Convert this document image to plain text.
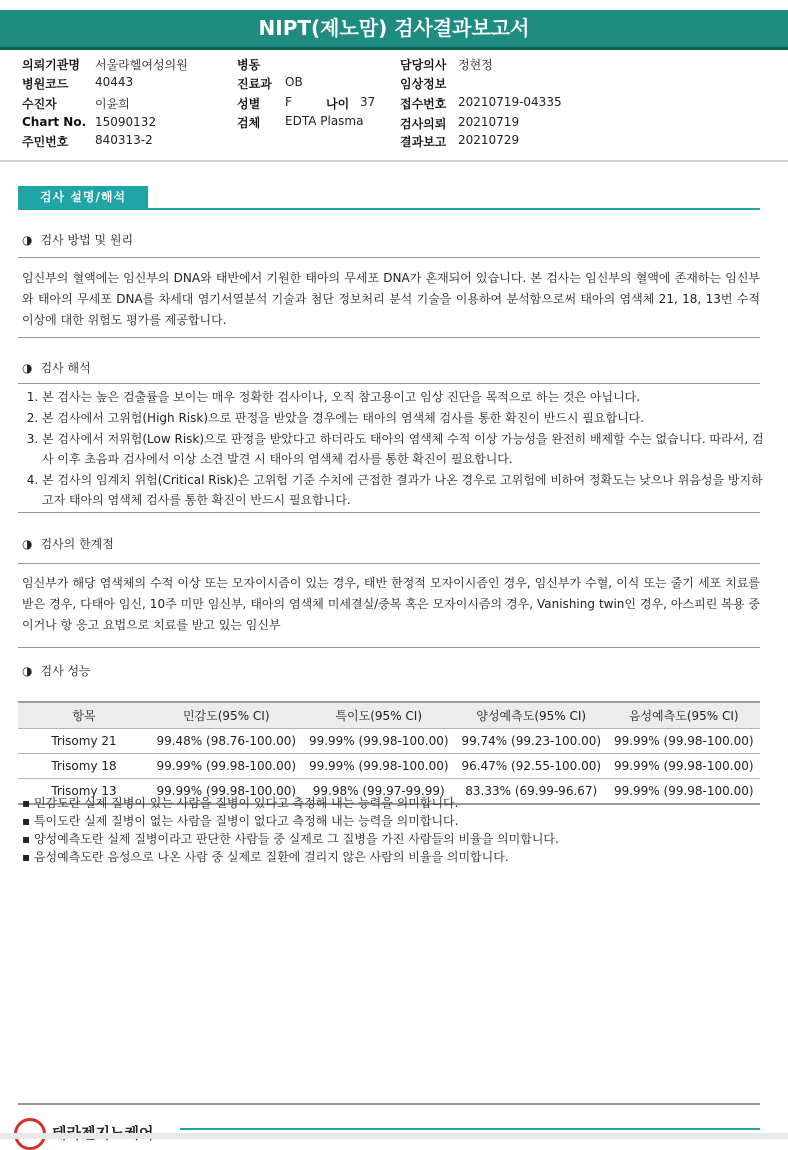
NIPT(제노맘) 검사결과보고서
의뢰기관명 서울라헬여성의원
병원코드 40443
수진자	이윤희
Chart No. 15090132
주민번호 840313-2
병동
진료과 OB
성별 F	나이 37
검체 EDTA Plasma
담당의사 정현정
임상정보
접수번호 20210719-04335
검사의뢰 20210719
결과보고 20210729
검사 설명/해석
◑ 검사 방법 및 원리
임신부의 혈액에는 임신부의 DNA와 태반에서 기원한 태아의 무세포 DNA가 혼재되어 있습니다. 본 검사는 임신부의 혈액에 존재하는 임신부와 태아의 무세포 DNA를 차세대 염기서열분석 기술과 첨단 정보처리 분석 기술을 이용하여 분석함으로써 태아의 염색체 21, 18, 13번 수적 이상에 대한 위험도 평가를 제공합니다.
◑ 검사 해석
1. 본 검사는 높은 검출률을 보이는 매우 정확한 검사이나, 오직 참고용이고 임상 진단을 목적으로 하는 것은 아닙니다.
2. 본 검사에서 고위험(High Risk)으로 판정을 받았을 경우에는 태아의 염색체 검사를 통한 확진이 반드시 필요합니다.
3. 본 검사에서 저위험(Low Risk)으로 판정을 받았다고 하더라도 태아의 염색체 수적 이상 가능성을 완전히 배제할 수는 없습니다. 따라서, 검사 이후 초음파 검사에서 이상 소견 발견 시 태아의 염색체 검사를 통한 확진이 필요합니다.
4. 본 검사의 임계치 위험(Critical Risk)은 고위험 기준 수치에 근접한 결과가 나온 경우로 고위험에 비하여 정확도는 낮으나 위음성을 방지하고자 태아의 염색체 검사를 통한 확진이 반드시 필요합니다.
◑ 검사의 한계점
임신부가 해당 염색체의 수적 이상 또는 모자이시즘이 있는 경우, 태반 한정적 모자이시즘인 경우, 임신부가 수혈, 이식 또는 줄기 세포 치료를 받은 경우, 다태아 임신, 10주 미만 임신부, 태아의 염색체 미세결실/중복 혹은 모자이시즘의 경우, Vanishing twin인 경우, 아스피린 복용 중이거나 항 응고 요법으로 치료를 받고 있는 임신부
◑ 검사 성능
항목	민감도(95% CI)	특이도(95% CI)	양성예측도(95% CI)	음성예측도(95% CI)
Trisomy 21	99.48% (98.76-100.00)	99.99% (99.98-100.00)	99.74% (99.23-100.00)	99.99% (99.98-100.00)
Trisomy 18	99.99% (99.98-100.00)	99.99% (99.98-100.00)	96.47% (92.55-100.00)	99.99% (99.98-100.00)
Trisomy 13	99.99% (99.98-100.00)	99.98% (99.97-99.99)	83.33% (69.99-96.67)	99.99% (99.98-100.00)
▪ 민감도란 실제 질병이 있는 사람을 질병이 있다고 측정해 내는 능력을 의미합니다.
▪ 특이도란 실제 질병이 없는 사람을 질병이 없다고 측정해 내는 능력을 의미합니다.
▪ 양성예측도란 실제 질병이라고 판단한 사람들 중 실제로 그 질병을 가진 사람들의 비율을 의미합니다.
▪ 음성예측도란 음성으로 나온 사람 중 실제로 질환에 걸리지 않은 사람의 비율을 의미합니다.
